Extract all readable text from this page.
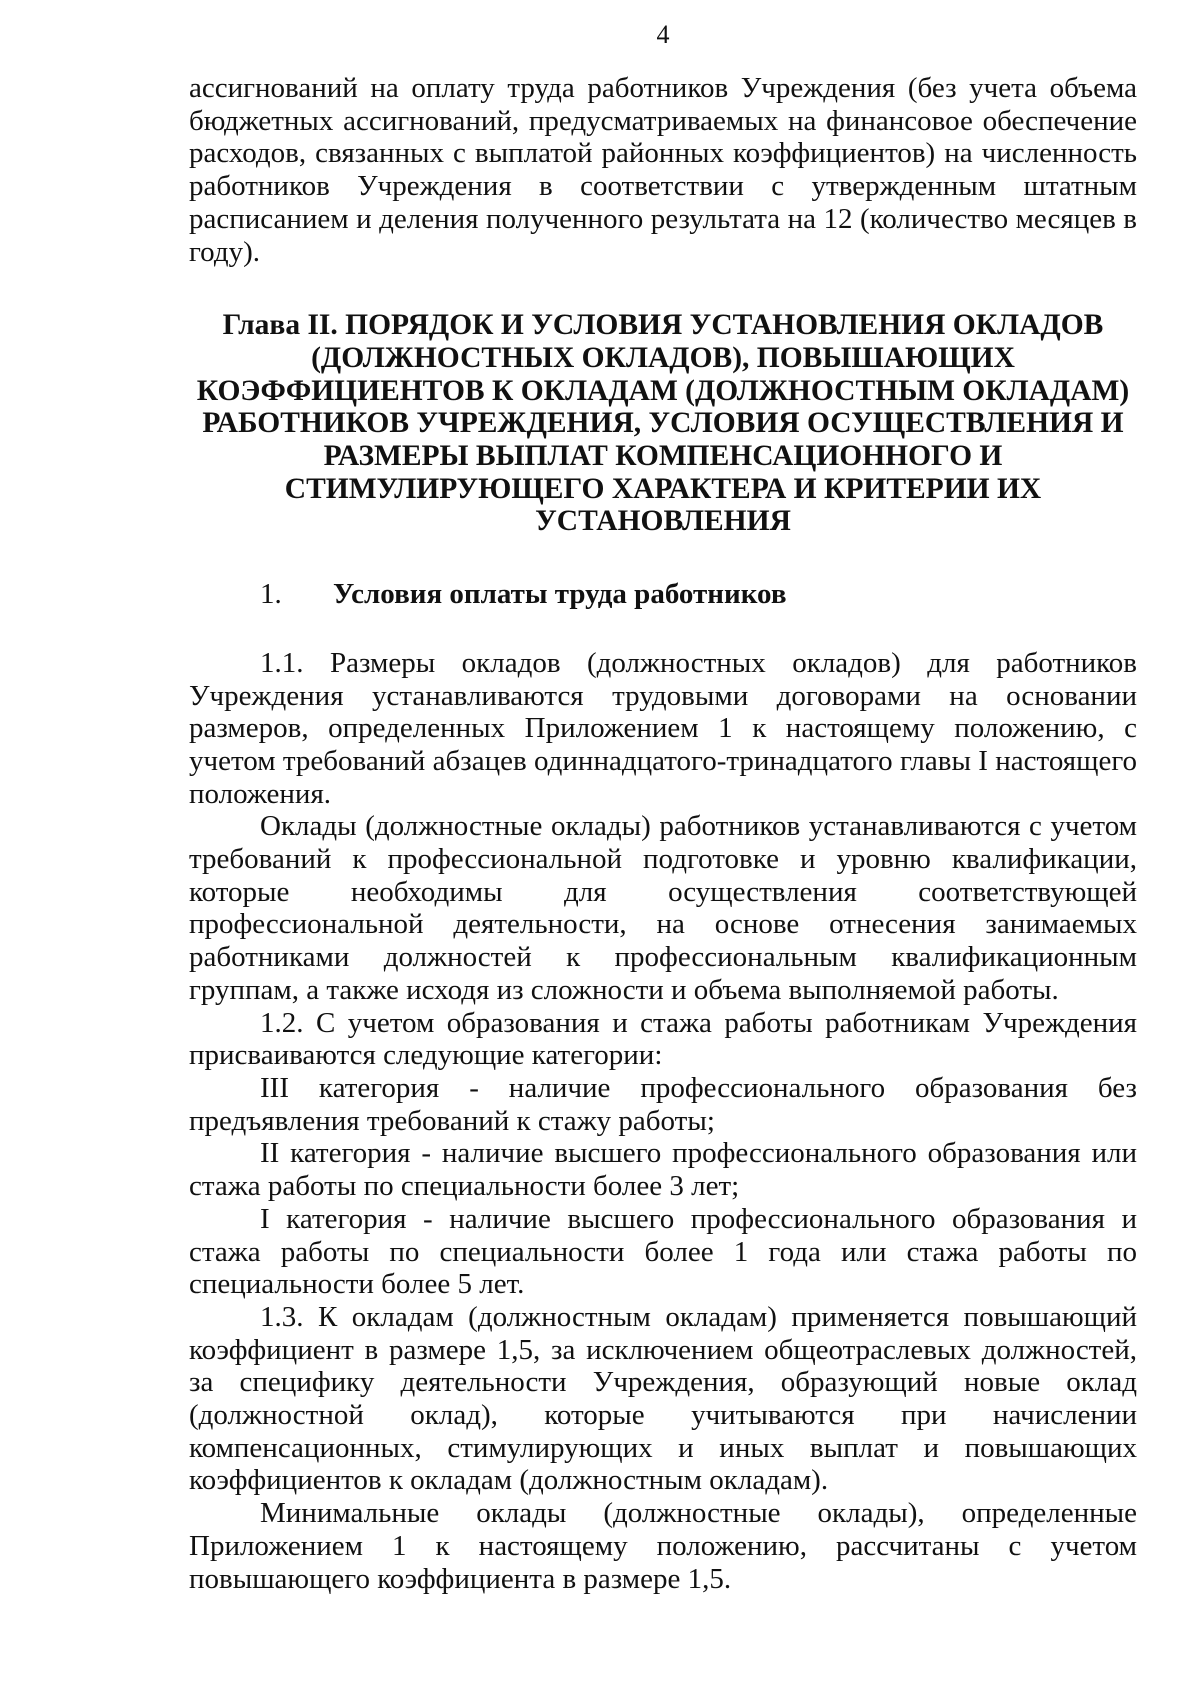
4

ассигнований на оплату труда работников Учреждения (без учета объема бюджетных ассигнований, предусматриваемых на финансовое обеспечение расходов, связанных с выплатой районных коэффициентов) на численность работников Учреждения в соответствии с утвержденным штатным расписанием и деления полученного результата на 12 (количество месяцев в году).

Глава II. ПОРЯДОК И УСЛОВИЯ УСТАНОВЛЕНИЯ ОКЛАДОВ
(ДОЛЖНОСТНЫХ ОКЛАДОВ), ПОВЫШАЮЩИХ
КОЭФФИЦИЕНТОВ К ОКЛАДАМ (ДОЛЖНОСТНЫМ ОКЛАДАМ)
РАБОТНИКОВ УЧРЕЖДЕНИЯ, УСЛОВИЯ ОСУЩЕСТВЛЕНИЯ И
РАЗМЕРЫ ВЫПЛАТ КОМПЕНСАЦИОННОГО И
СТИМУЛИРУЮЩЕГО ХАРАКТЕРА И КРИТЕРИИ ИХ
УСТАНОВЛЕНИЯ
1. Условия оплаты труда работников

1.1. Размеры окладов (должностных окладов) для работников Учреждения устанавливаются трудовыми договорами на основании размеров, определенных Приложением 1 к настоящему положению, с учетом требований абзацев одиннадцатого-тринадцатого главы I настоящего положения.

Оклады (должностные оклады) работников устанавливаются с учетом требований к профессиональной подготовке и уровню квалификации, которые необходимы для осуществления соответствующей профессиональной деятельности, на основе отнесения занимаемых работниками должностей к профессиональным квалификационным группам, а также исходя из сложности и объема выполняемой работы.

1.2. С учетом образования и стажа работы работникам Учреждения присваиваются следующие категории:

III категория - наличие профессионального образования без предъявления требований к стажу работы;

II категория - наличие высшего профессионального образования или стажа работы по специальности более 3 лет;

I категория - наличие высшего профессионального образования и стажа работы по специальности более 1 года или стажа работы по специальности более 5 лет.

1.3. К окладам (должностным окладам) применяется повышающий коэффициент в размере 1,5, за исключением общеотраслевых должностей, за специфику деятельности Учреждения, образующий новые оклад (должностной оклад), которые учитываются при начислении компенсационных, стимулирующих и иных выплат и повышающих коэффициентов к окладам (должностным окладам).

Минимальные оклады (должностные оклады), определенные Приложением 1 к настоящему положению, рассчитаны с учетом повышающего коэффициента в размере 1,5.
